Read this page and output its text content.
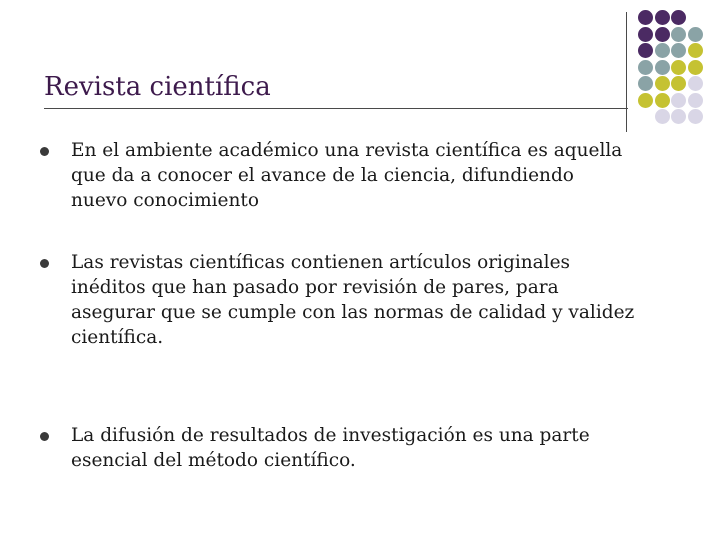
Revista científica
En el ambiente académico una revista científica es aquella que da a conocer el avance de la ciencia, difundiendo nuevo conocimiento
Las revistas científicas contienen artículos originales inéditos que han pasado por revisión de pares, para asegurar que se cumple con las normas de calidad y validez científica.
La difusión de resultados de investigación es una parte esencial del método científico.
